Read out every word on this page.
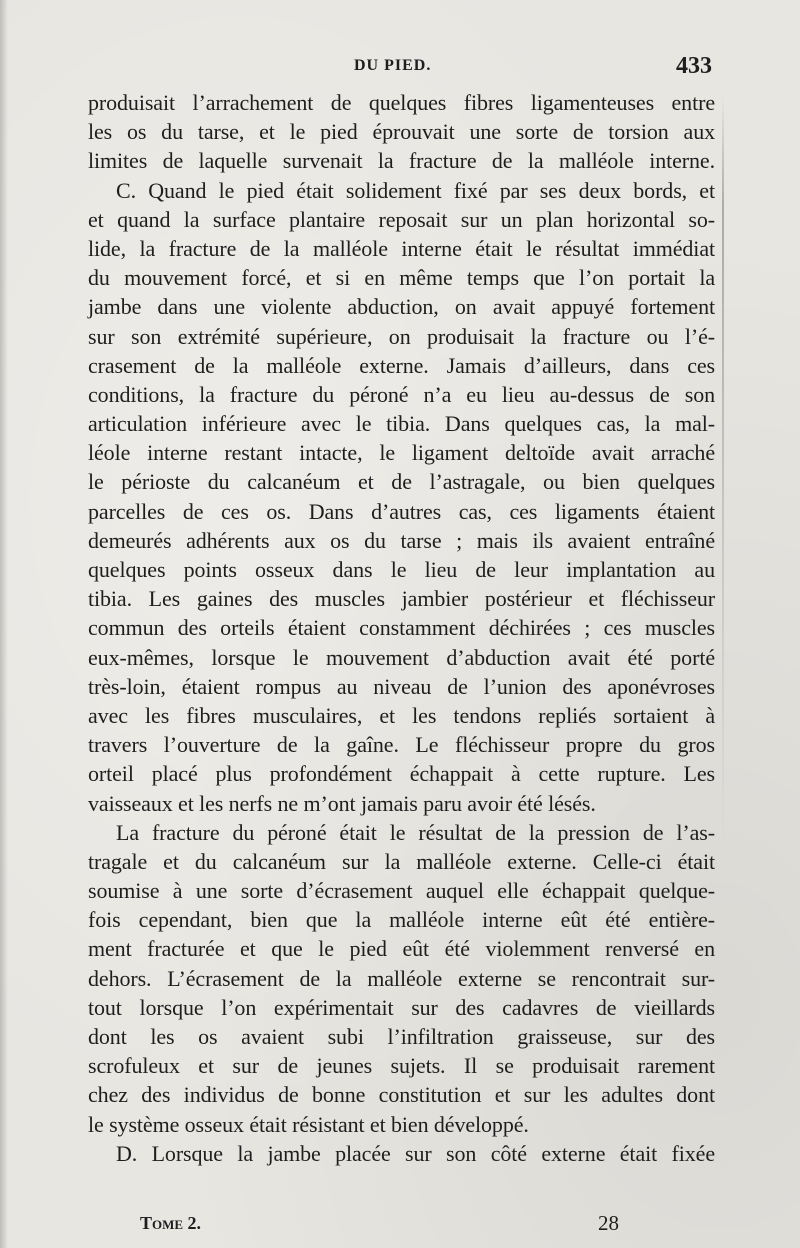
DU PIED.	433
produisait l’arrachement de quelques fibres ligamenteuses entre
les os du tarse, et le pied éprouvait une sorte de torsion aux
limites de laquelle survenait la fracture de la malléole interne.
C. Quand le pied était solidement fixé par ses deux bords, et
et quand la surface plantaire reposait sur un plan horizontal so-
lide, la fracture de la malléole interne était le résultat immédiat
du mouvement forcé, et si en même temps que l’on portait la
jambe dans une violente abduction, on avait appuyé fortement
sur son extrémité supérieure, on produisait la fracture ou l’é-
crasement de la malléole externe. Jamais d’ailleurs, dans ces
conditions, la fracture du péroné n’a eu lieu au-dessus de son
articulation inférieure avec le tibia. Dans quelques cas, la mal-
léole interne restant intacte, le ligament deltoïde avait arraché
le périoste du calcanéum et de l’astragale, ou bien quelques
parcelles de ces os. Dans d’autres cas, ces ligaments étaient
demeurés adhérents aux os du tarse ; mais ils avaient entraîné
quelques points osseux dans le lieu de leur implantation au
tibia. Les gaines des muscles jambier postérieur et fléchisseur
commun des orteils étaient constamment déchirées ; ces muscles
eux-mêmes, lorsque le mouvement d’abduction avait été porté
très-loin, étaient rompus au niveau de l’union des aponévroses
avec les fibres musculaires, et les tendons repliés sortaient à
travers l’ouverture de la gaîne. Le fléchisseur propre du gros
orteil placé plus profondément échappait à cette rupture. Les
vaisseaux et les nerfs ne m’ont jamais paru avoir été lésés.
La fracture du péroné était le résultat de la pression de l’as-
tragale et du calcanéum sur la malléole externe. Celle-ci était
soumise à une sorte d’écrasement auquel elle échappait quelque-
fois cependant, bien que la malléole interne eût été entière-
ment fracturée et que le pied eût été violemment renversé en
dehors. L’écrasement de la malléole externe se rencontrait sur-
tout lorsque l’on expérimentait sur des cadavres de vieillards
dont les os avaient subi l’infiltration graisseuse, sur des
scrofuleux et sur de jeunes sujets. Il se produisait rarement
chez des individus de bonne constitution et sur les adultes dont
le système osseux était résistant et bien développé.
D. Lorsque la jambe placée sur son côté externe était fixée
Tome 2.	28
